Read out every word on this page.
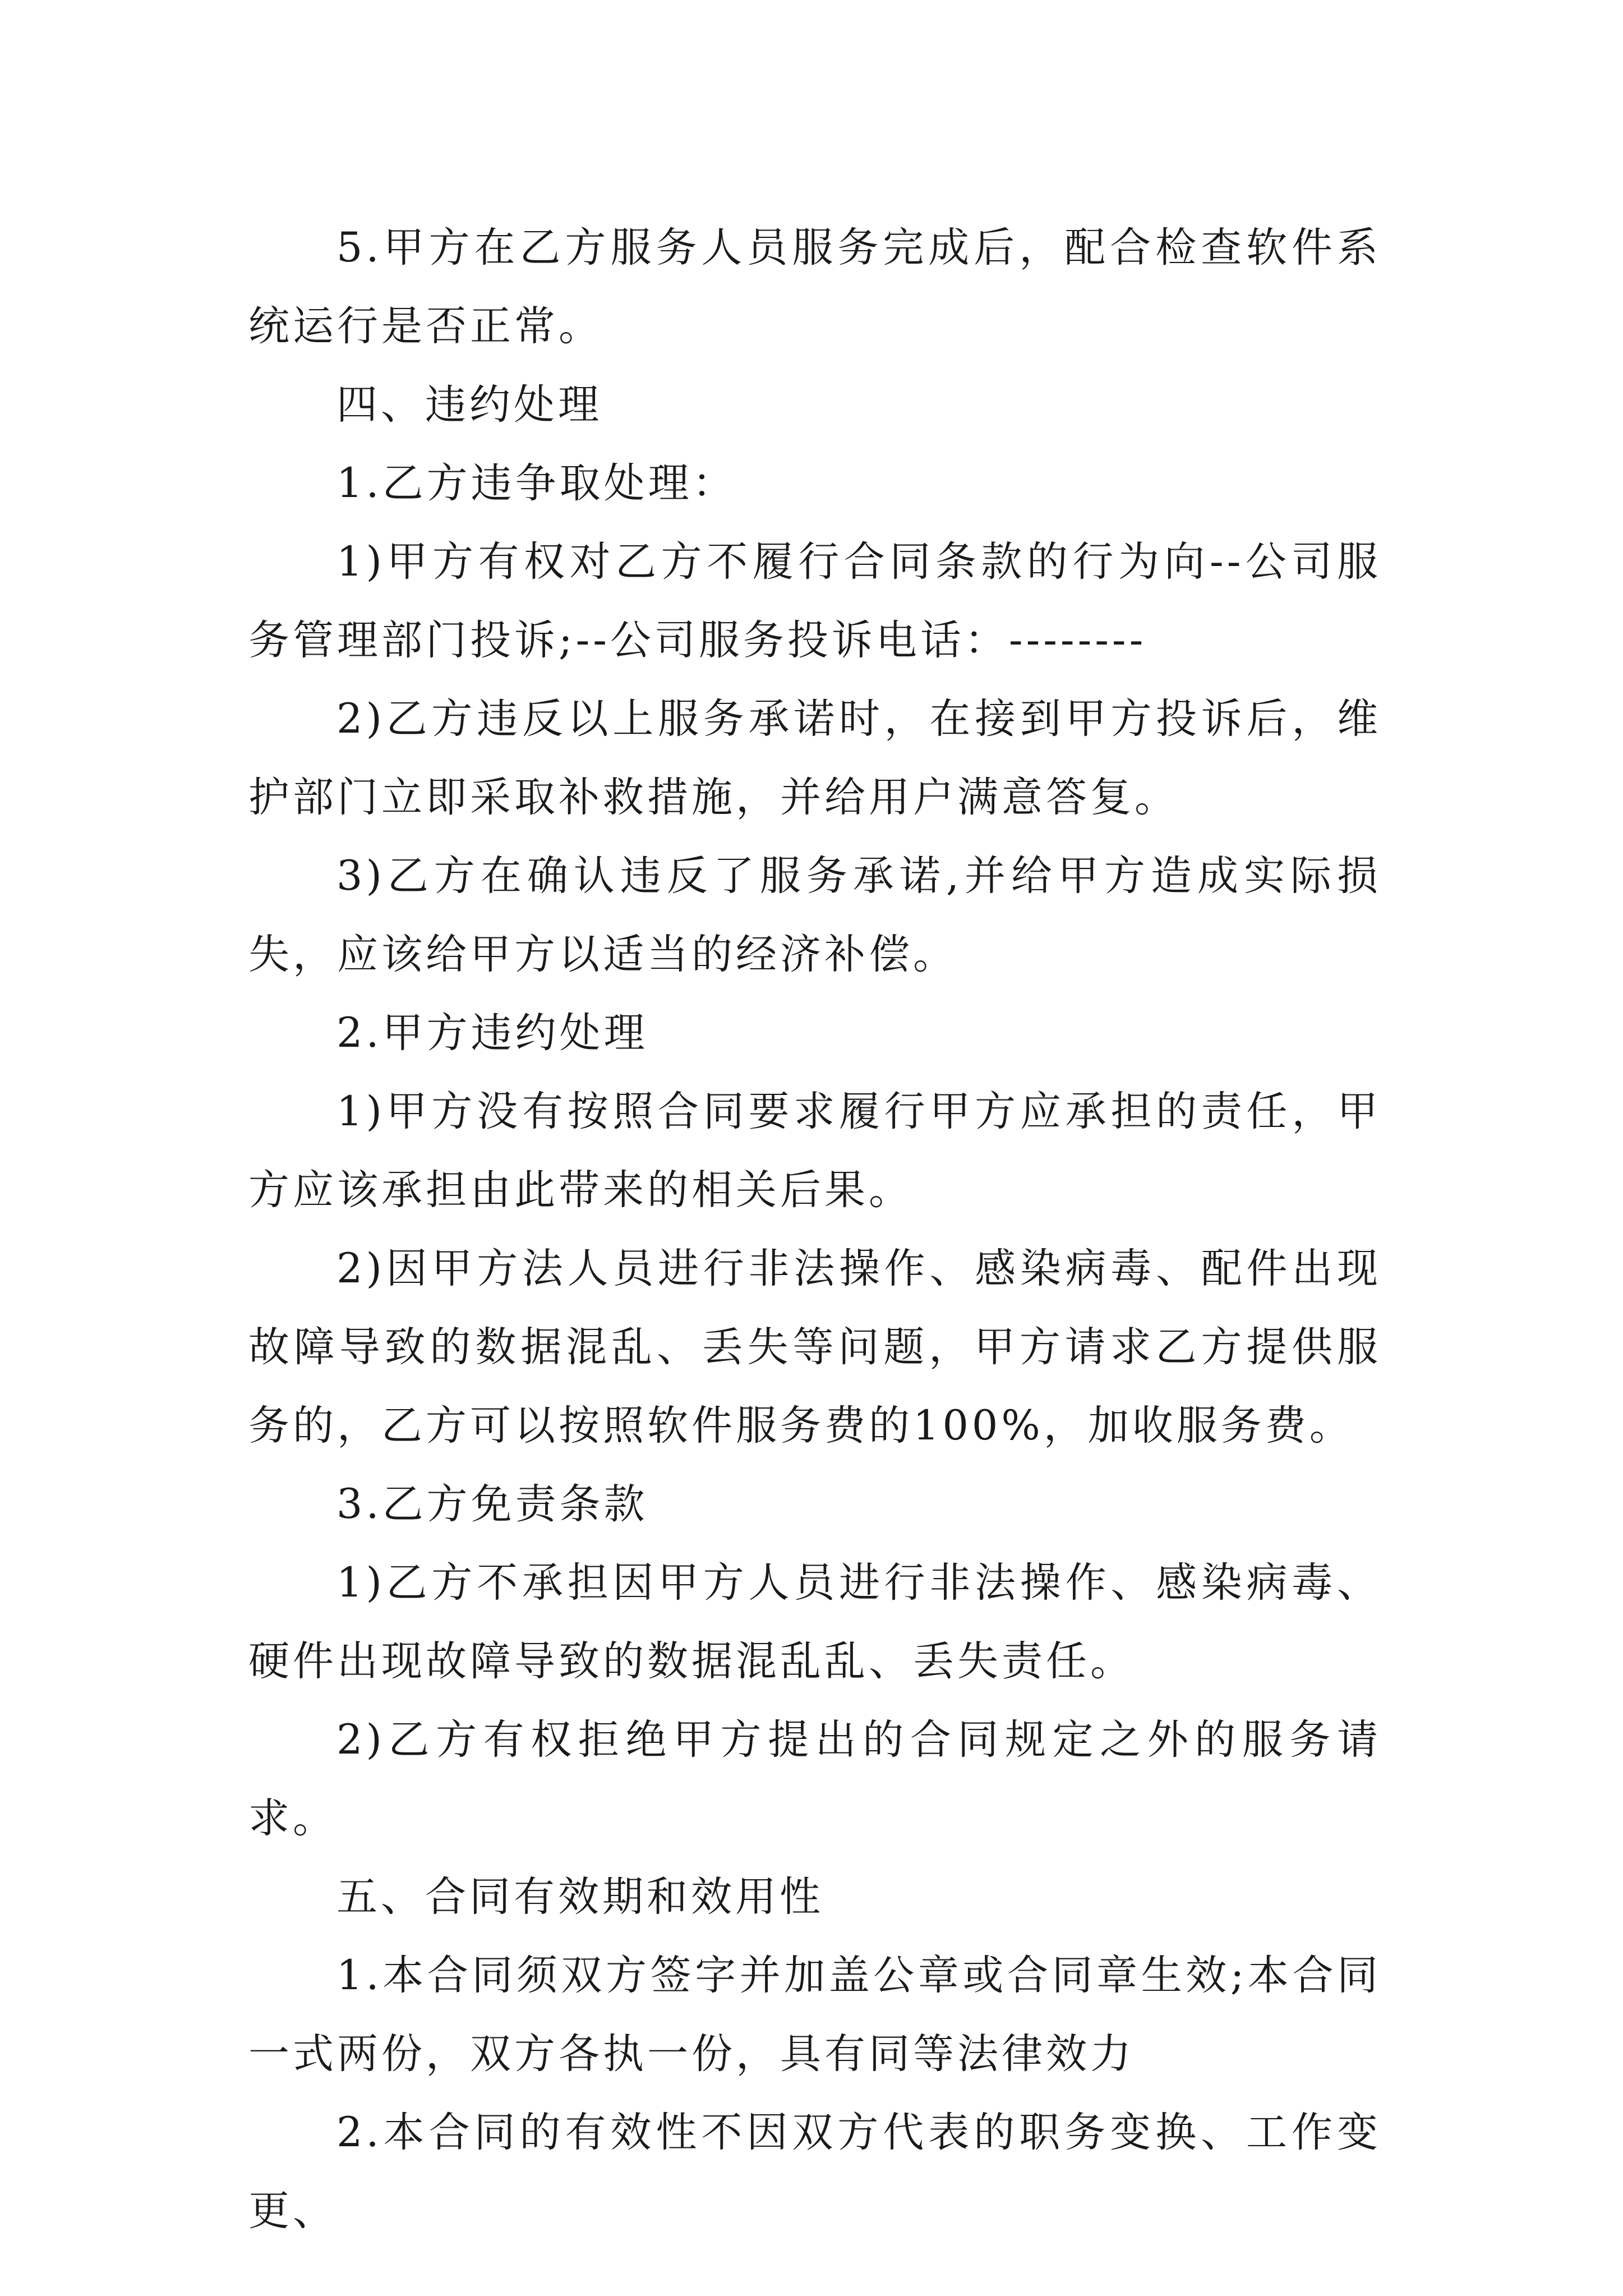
5.甲方在乙方服务人员服务完成后，配合检查软件系统运行是否正常。

四、违约处理

1.乙方违争取处理：

1)甲方有权对乙方不履行合同条款的行为向--公司服务管理部门投诉;--公司服务投诉电话：--------

2)乙方违反以上服务承诺时，在接到甲方投诉后，维护部门立即采取补救措施，并给用户满意答复。

3)乙方在确认违反了服务承诺,并给甲方造成实际损失，应该给甲方以适当的经济补偿。

2.甲方违约处理

1)甲方没有按照合同要求履行甲方应承担的责任，甲方应该承担由此带来的相关后果。

2)因甲方法人员进行非法操作、感染病毒、配件出现故障导致的数据混乱、丢失等问题，甲方请求乙方提供服务的，乙方可以按照软件服务费的100%，加收服务费。

3.乙方免责条款

1)乙方不承担因甲方人员进行非法操作、感染病毒、硬件出现故障导致的数据混乱乱、丢失责任。

2)乙方有权拒绝甲方提出的合同规定之外的服务请求。

五、合同有效期和效用性

1.本合同须双方签字并加盖公章或合同章生效;本合同一式两份，双方各执一份，具有同等法律效力

2.本合同的有效性不因双方代表的职务变换、工作变更、
